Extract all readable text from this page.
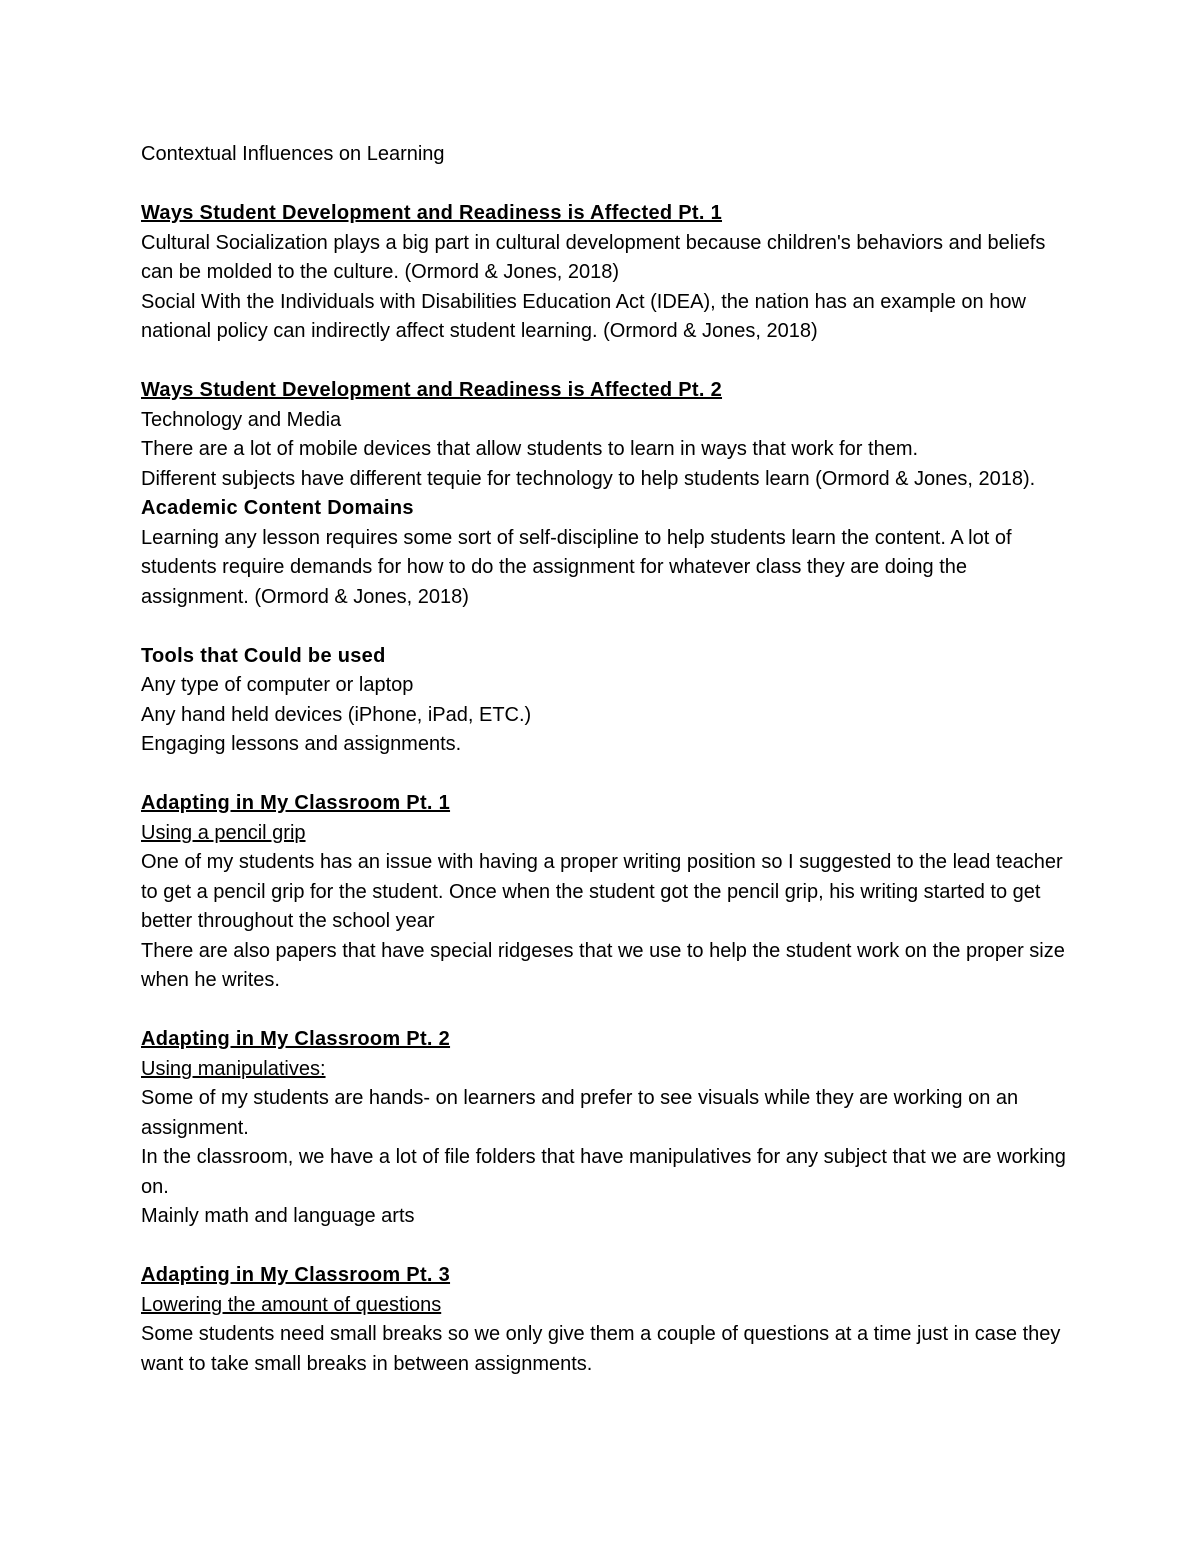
Contextual Influences on Learning
Ways Student Development and Readiness is Affected Pt. 1
Cultural Socialization plays a big part in cultural development because children's behaviors and beliefs can be molded to the culture. (Ormord & Jones, 2018)
Social With the Individuals with Disabilities Education Act (IDEA), the nation has an example on how national policy can indirectly affect student learning. (Ormord & Jones, 2018)
Ways Student Development and Readiness is Affected Pt. 2
Technology and Media
There are a lot of mobile devices that allow students to learn in ways that work for them.
Different subjects have different tequie for technology to help students learn (Ormord & Jones, 2018).
Academic Content Domains
Learning any lesson requires some sort of self-discipline to help students learn the content. A lot of students require demands for how to do the assignment for whatever class they are doing the assignment. (Ormord & Jones, 2018)
Tools that Could be used
Any type of computer or laptop
Any hand held devices (iPhone, iPad, ETC.)
Engaging lessons and assignments.
Adapting in My Classroom Pt. 1
Using a pencil grip
One of my students has an issue with having a proper writing position so I suggested to the lead teacher to get a pencil grip for the student. Once when the student got the pencil grip, his writing started to get better throughout the school year
There are also papers that have special ridgeses that we use to help the student work on the proper size when he writes.
Adapting in My Classroom Pt. 2
Using manipulatives:
Some of my students are hands- on learners and prefer to see visuals while they are working on an assignment.
In the classroom, we have a lot of file folders that have manipulatives for any subject that we are working on.
Mainly math and language arts
Adapting in My Classroom Pt. 3
Lowering the amount of questions
Some students need small breaks so we only give them a couple of questions at a time just in case they want to take small breaks in between assignments.
